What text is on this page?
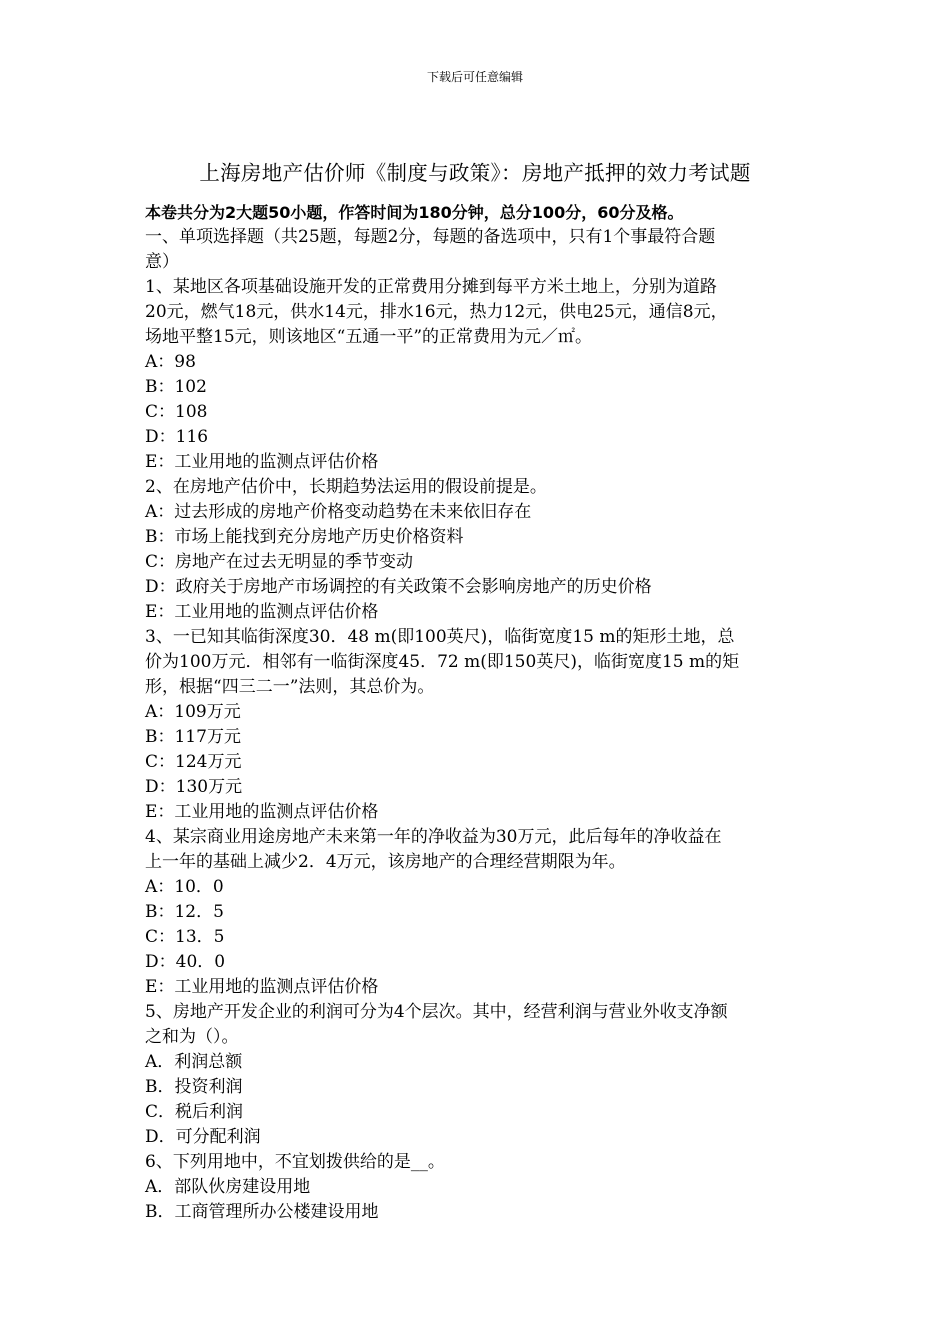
下载后可任意编辑
上海房地产估价师《制度与政策》：房地产抵押的效力考试题
本卷共分为2大题50小题，作答时间为180分钟，总分100分，60分及格。
一、单项选择题（共25题，每题2分，每题的备选项中，只有1个事最符合题
意）
1、某地区各项基础设施开发的正常费用分摊到每平方米土地上，分别为道路
20元，燃气18元，供水14元，排水16元，热力12元，供电25元，通信8元，
场地平整15元，则该地区“五通一平”的正常费用为元／㎡。
A：98
B：102
C：108
D：116
E：工业用地的监测点评估价格
2、在房地产估价中，长期趋势法运用的假设前提是。
A：过去形成的房地产价格变动趋势在未来依旧存在
B：市场上能找到充分房地产历史价格资料
C：房地产在过去无明显的季节变动
D：政府关于房地产市场调控的有关政策不会影响房地产的历史价格
E：工业用地的监测点评估价格
3、一已知其临街深度30．48 m(即100英尺)，临街宽度15 m的矩形土地，总
价为100万元．相邻有一临街深度45．72 m(即150英尺)，临街宽度15 m的矩
形，根据“四三二一”法则，其总价为。
A：109万元
B：117万元
C：124万元
D：130万元
E：工业用地的监测点评估价格
4、某宗商业用途房地产未来第一年的净收益为30万元，此后每年的净收益在
上一年的基础上减少2．4万元，该房地产的合理经营期限为年。
A：10．0
B：12．5
C：13．5
D：40．0
E：工业用地的监测点评估价格
5、房地产开发企业的利润可分为4个层次。其中，经营利润与营业外收支净额
之和为（）。
A．利润总额
B．投资利润
C．税后利润
D．可分配利润
6、下列用地中，不宜划拨供给的是__。
A．部队伙房建设用地
B．工商管理所办公楼建设用地
